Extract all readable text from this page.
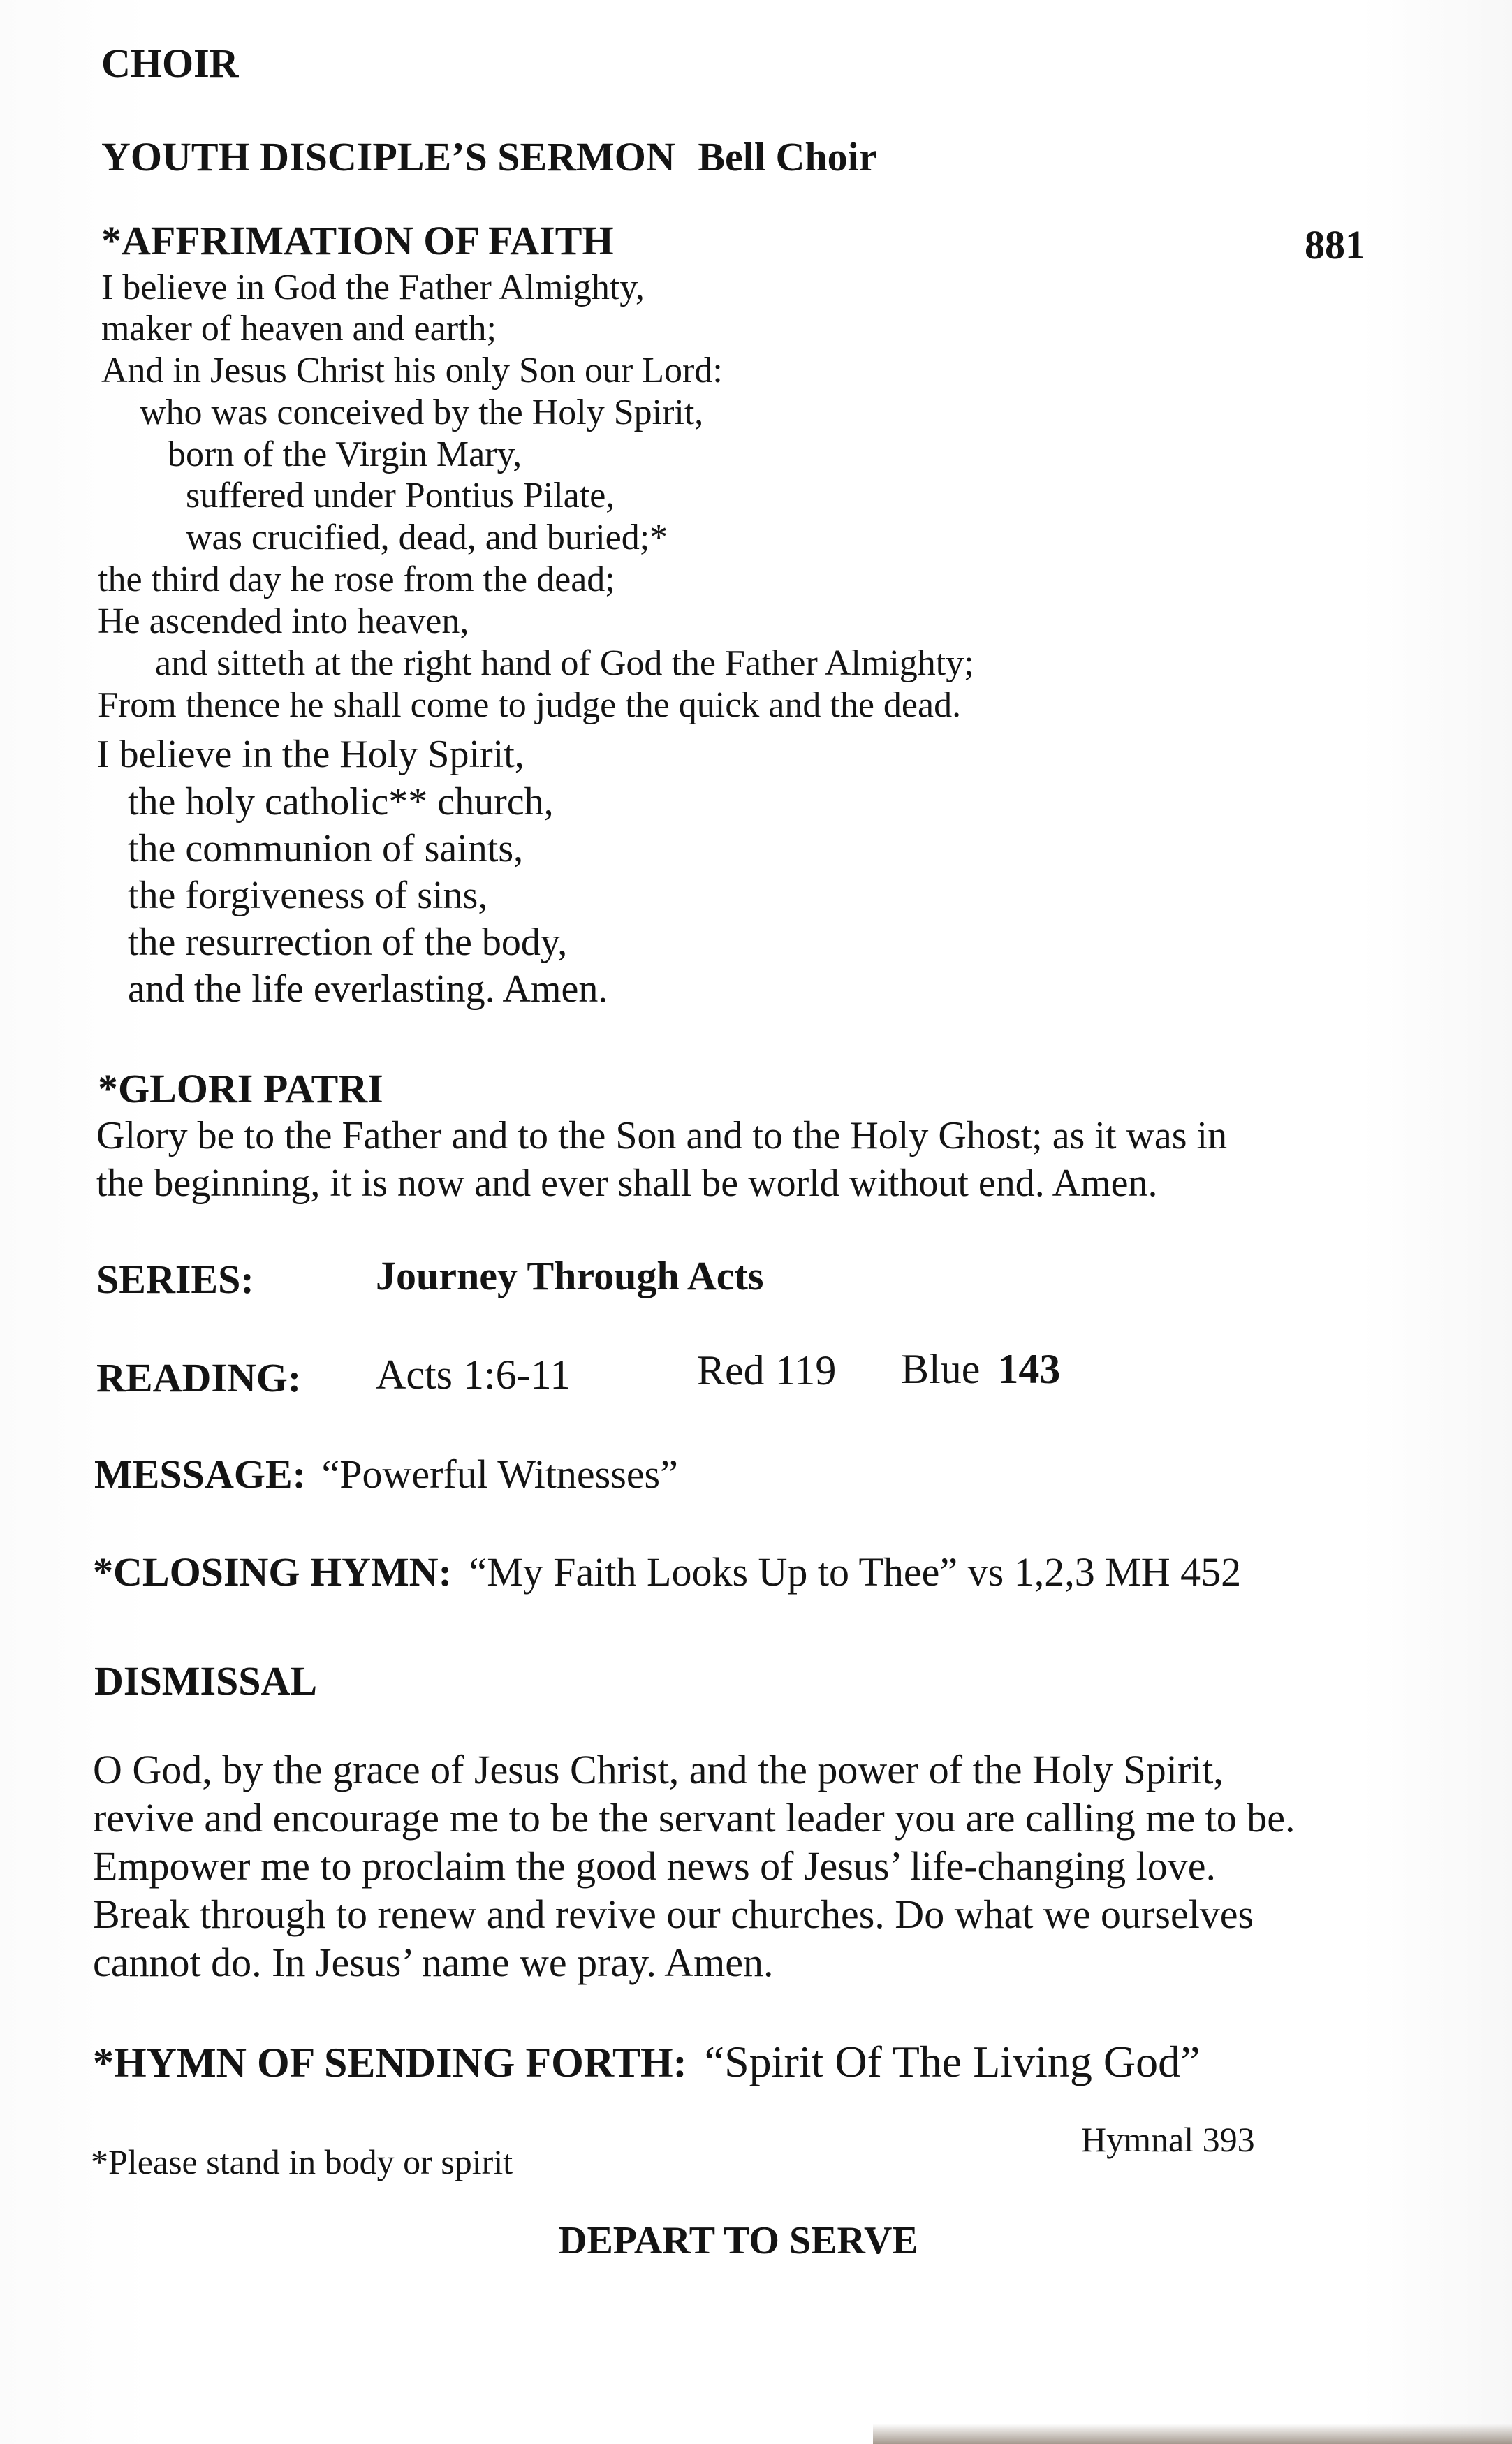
CHOIR
YOUTH DISCIPLE’S SERMON Bell Choir
*AFFRIMATION OF FAITH	881
I believe in God the Father Almighty,
maker of heaven and earth;
And in Jesus Christ his only Son our Lord:
who was conceived by the Holy Spirit,
born of the Virgin Mary,
suffered under Pontius Pilate,
was crucified, dead, and buried;*
the third day he rose from the dead;
He ascended into heaven,
and sitteth at the right hand of God the Father Almighty;
From thence he shall come to judge the quick and the dead.
I believe in the Holy Spirit,
the holy catholic** church,
the communion of saints,
the forgiveness of sins,
the resurrection of the body,
and the life everlasting. Amen.
*GLORI PATRI
Glory be to the Father and to the Son and to the Holy Ghost; as it was in
the beginning, it is now and ever shall be world without end. Amen.
SERIES:	Journey Through Acts
READING: Acts 1:6-11	Red 119 Blue 143
MESSAGE: “Powerful Witnesses”
*CLOSING HYMN: “My Faith Looks Up to Thee” vs 1,2,3 MH 452
DISMISSAL
O God, by the grace of Jesus Christ, and the power of the Holy Spirit,
revive and encourage me to be the servant leader you are calling me to be.
Empower me to proclaim the good news of Jesus’ life-changing love.
Break through to renew and revive our churches. Do what we ourselves
cannot do. In Jesus’ name we pray. Amen.
*HYMN OF SENDING FORTH: “Spirit Of The Living God”
*Please stand in body or spirit
Hymnal 393
DEPART TO SERVE
